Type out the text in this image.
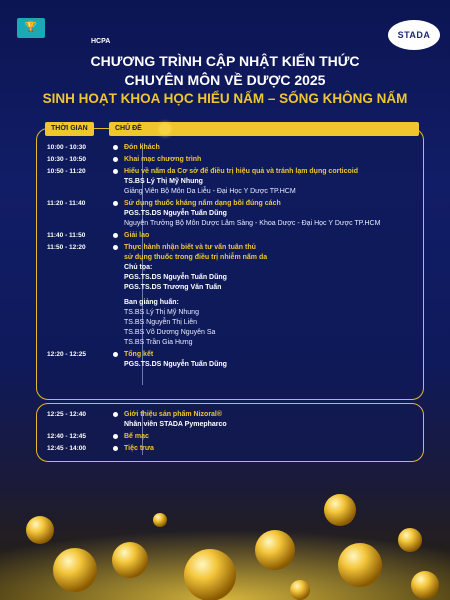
🏆
HCPA
STADA
CHƯƠNG TRÌNH CẬP NHẬT KIẾN THỨC
CHUYÊN MÔN VỀ DƯỢC 2025
SINH HOẠT KHOA HỌC HIỂU NẤM – SỐNG KHÔNG NẤM
THỜI GIAN	CHỦ ĐỀ
10:00 - 10:30	Đón khách
10:30 - 10:50	Khai mạc chương trình
10:50 - 11:20	Hiểu về nấm da Cơ sở để điều trị hiệu quả và tránh lạm dụng corticoid
TS.BS Lý Thị Mỹ Nhung
Giảng Viên Bộ Môn Da Liễu - Đại Học Y Dược TP.HCM
11:20 - 11:40	Sử dụng thuốc kháng nấm dạng bôi đúng cách
PGS.TS.DS Nguyễn Tuấn Dũng
Nguyên Trưởng Bộ Môn Dược Lâm Sàng - Khoa Dược - Đại Học Y Dược TP.HCM
11:40 - 11:50	Giải lao
11:50 - 12:20	Thực hành nhận biết và tư vấn tuân thủ
sử dụng thuốc trong điều trị nhiễm nấm da
Chủ tọa:
PGS.TS.DS Nguyễn Tuấn Dũng
PGS.TS.DS Trương Văn Tuấn
Ban giảng huấn:
TS.BS Lý Thị Mỹ Nhung
TS.BS Nguyễn Thị Liên
TS.BS Võ Dương Nguyên Sa
TS.BS Trần Gia Hưng
12:20 - 12:25	Tổng kết
PGS.TS.DS Nguyễn Tuấn Dũng
12:25 - 12:40	Giới thiệu sản phẩm Nizoral®
Nhân viên STADA Pymepharco
12:40 - 12:45	Bế mạc
12:45 - 14:00	Tiệc trưa
